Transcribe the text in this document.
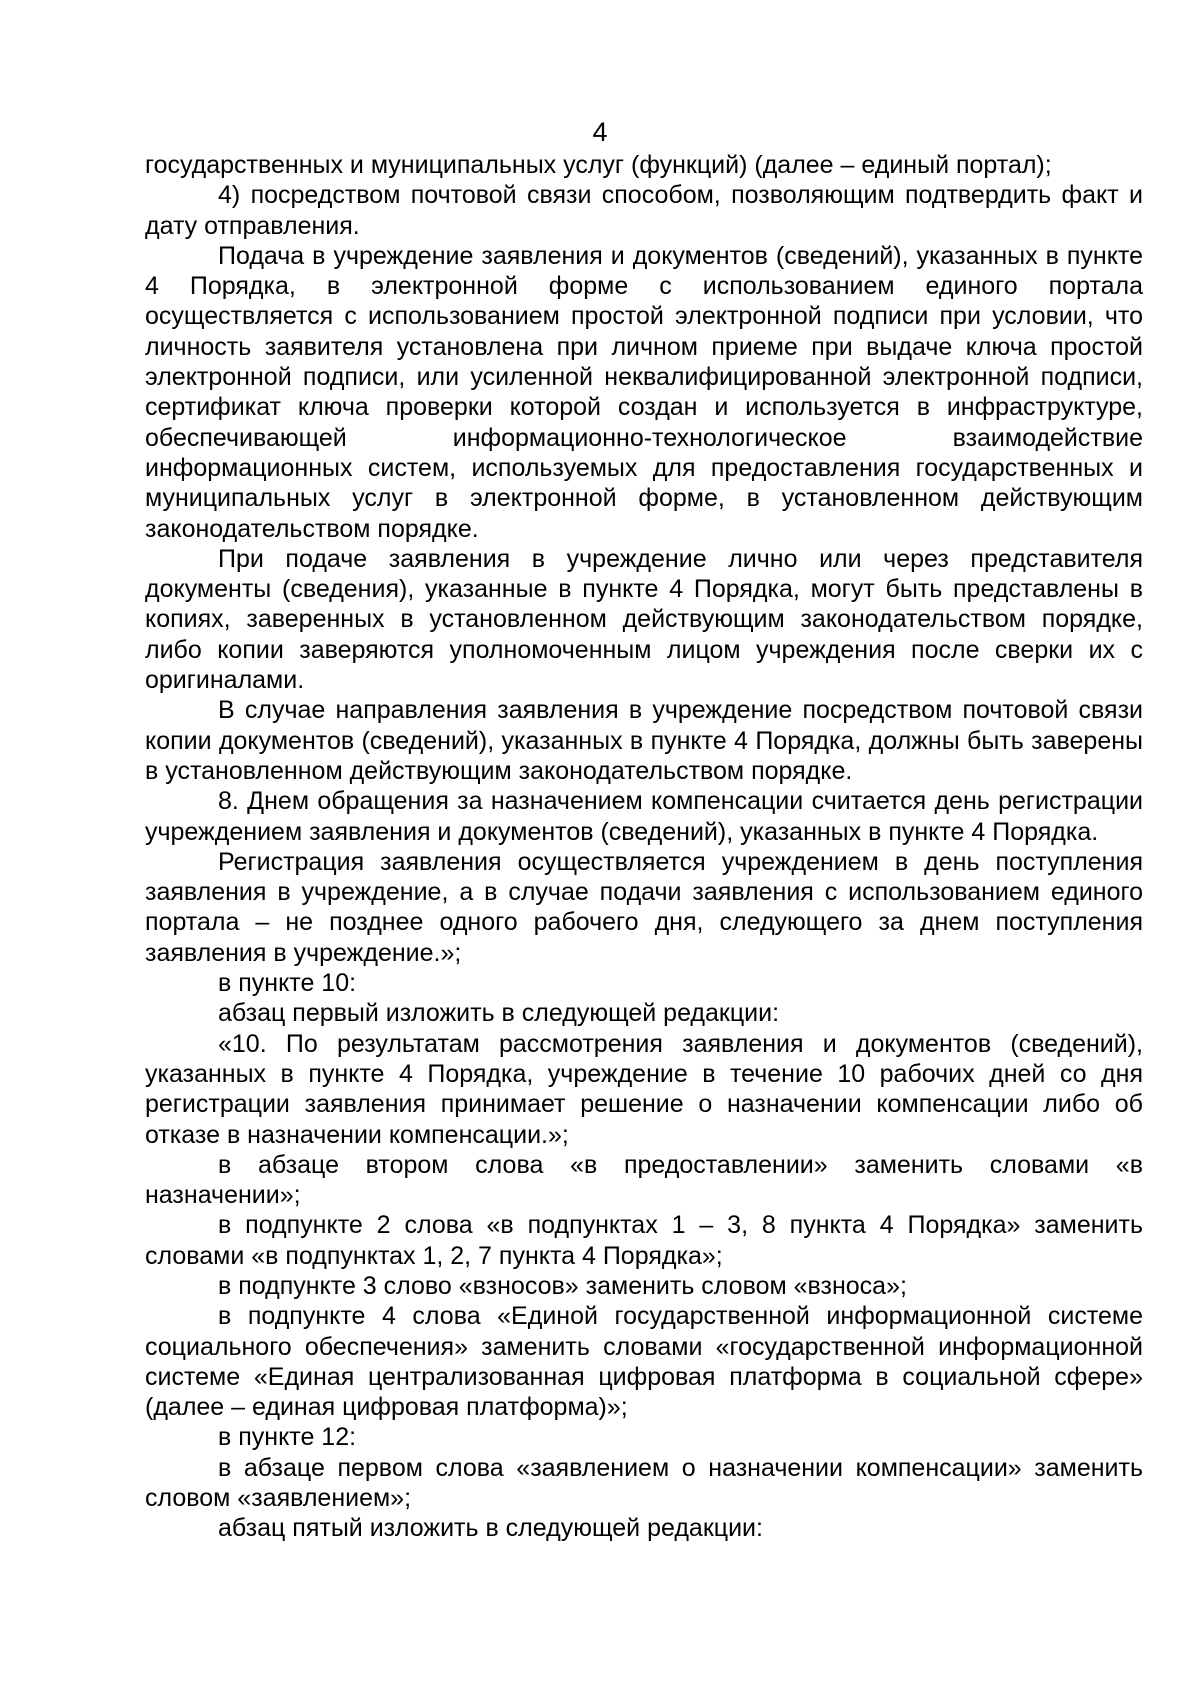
4

государственных и муниципальных услуг (функций) (далее – единый портал);

4) посредством почтовой связи способом, позволяющим подтвердить факт и дату отправления.

Подача в учреждение заявления и документов (сведений), указанных в пункте 4 Порядка, в электронной форме с использованием единого портала осуществляется с использованием простой электронной подписи при условии, что личность заявителя установлена при личном приеме при выдаче ключа простой электронной подписи, или усиленной неквалифицированной электронной подписи, сертификат ключа проверки которой создан и используется в инфраструктуре, обеспечивающей информационно-технологическое взаимодействие информационных систем, используемых для предоставления государственных и муниципальных услуг в электронной форме, в установленном действующим законодательством порядке.

При подаче заявления в учреждение лично или через представителя документы (сведения), указанные в пункте 4 Порядка, могут быть представлены в копиях, заверенных в установленном действующим законодательством порядке, либо копии заверяются уполномоченным лицом учреждения после сверки их с оригиналами.

В случае направления заявления в учреждение посредством почтовой связи копии документов (сведений), указанных в пункте 4 Порядка, должны быть заверены в установленном действующим законодательством порядке.

8. Днем обращения за назначением компенсации считается день регистрации учреждением заявления и документов (сведений), указанных в пункте 4 Порядка.

Регистрация заявления осуществляется учреждением в день поступления заявления в учреждение, а в случае подачи заявления с использованием единого портала – не позднее одного рабочего дня, следующего за днем поступления заявления в учреждение.»;

в пункте 10:

абзац первый изложить в следующей редакции:

«10. По результатам рассмотрения заявления и документов (сведений), указанных в пункте 4 Порядка, учреждение в течение 10 рабочих дней со дня регистрации заявления принимает решение о назначении компенсации либо об отказе в назначении компенсации.»;

в абзаце втором слова «в предоставлении» заменить словами «в назначении»;

в подпункте 2 слова «в подпунктах 1 – 3, 8 пункта 4 Порядка» заменить словами «в подпунктах 1, 2, 7 пункта 4 Порядка»;

в подпункте 3 слово «взносов» заменить словом «взноса»;

в подпункте 4 слова «Единой государственной информационной системе социального обеспечения» заменить словами «государственной информационной системе «Единая централизованная цифровая платформа в социальной сфере» (далее – единая цифровая платформа)»;

в пункте 12:

в абзаце первом слова «заявлением о назначении компенсации» заменить словом «заявлением»;

абзац пятый изложить в следующей редакции:
